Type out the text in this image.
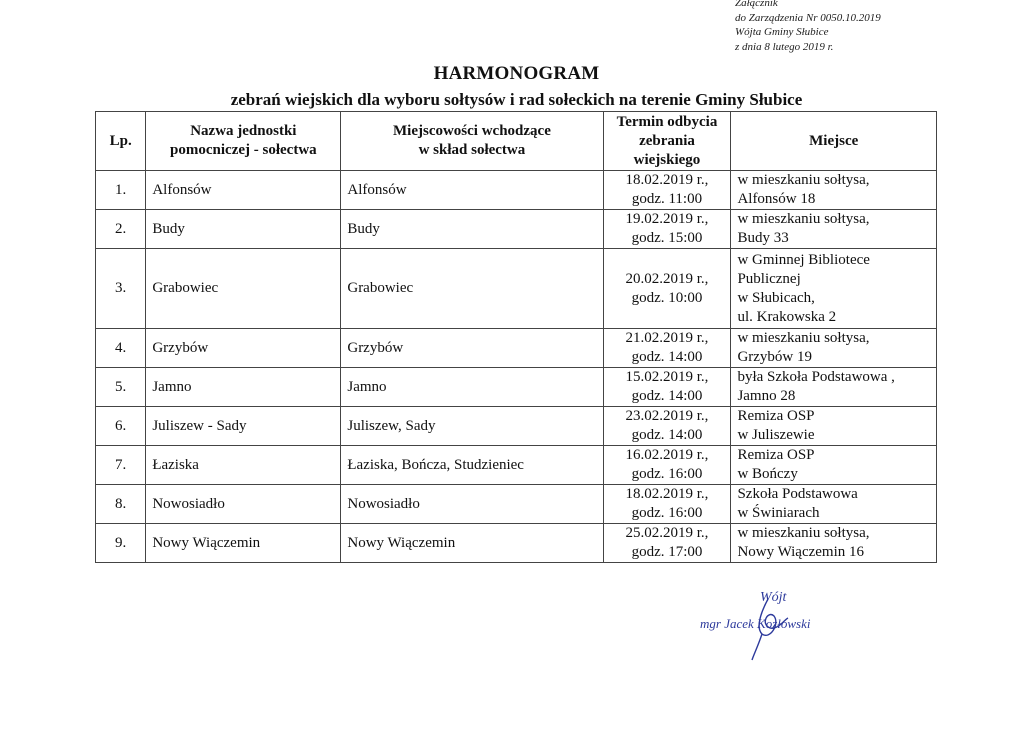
Załącznik
do Zarządzenia Nr 0050.10.2019
Wójta Gminy Słubice
z dnia 8 lutego 2019 r.
HARMONOGRAM
zebrań wiejskich dla wyboru sołtysów i rad sołeckich na terenie Gminy Słubice
Lp.	Nazwa jednostki
pomocniczej - sołectwa	Miejscowości wchodzące
w skład sołectwa	Termin odbycia
zebrania
wiejskiego	Miejsce
1.	Alfonsów	Alfonsów	18.02.2019 r.,
godz. 11:00	w mieszkaniu sołtysa,
Alfonsów 18

2.	Budy	Budy	19.02.2019 r.,
godz. 15:00	w mieszkaniu sołtysa,
Budy 33

3.	Grabowiec	Grabowiec	20.02.2019 r.,
godz. 10:00	w Gminnej Bibliotece
Publicznej
w Słubicach,
ul. Krakowska 2

4.	Grzybów	Grzybów	21.02.2019 r.,
godz. 14:00	w mieszkaniu sołtysa,
Grzybów 19

5.	Jamno	Jamno	15.02.2019 r.,
godz. 14:00	była Szkoła Podstawowa ,
Jamno 28

6.	Juliszew - Sady	Juliszew, Sady	23.02.2019 r.,
godz. 14:00	Remiza OSP
w Juliszewie

7.	Łaziska	Łaziska, Bończa, Studzieniec	16.02.2019 r.,
godz. 16:00	Remiza OSP
w Bończy

8.	Nowosiadło	Nowosiadło	18.02.2019 r.,
godz. 16:00	Szkoła Podstawowa
w Świniarach

9.	Nowy Wiączemin	Nowy Wiączemin	25.02.2019 r.,
godz. 17:00	w mieszkaniu sołtysa,
Nowy Wiączemin 16
Wójt
mgr Jacek Kozłowski
